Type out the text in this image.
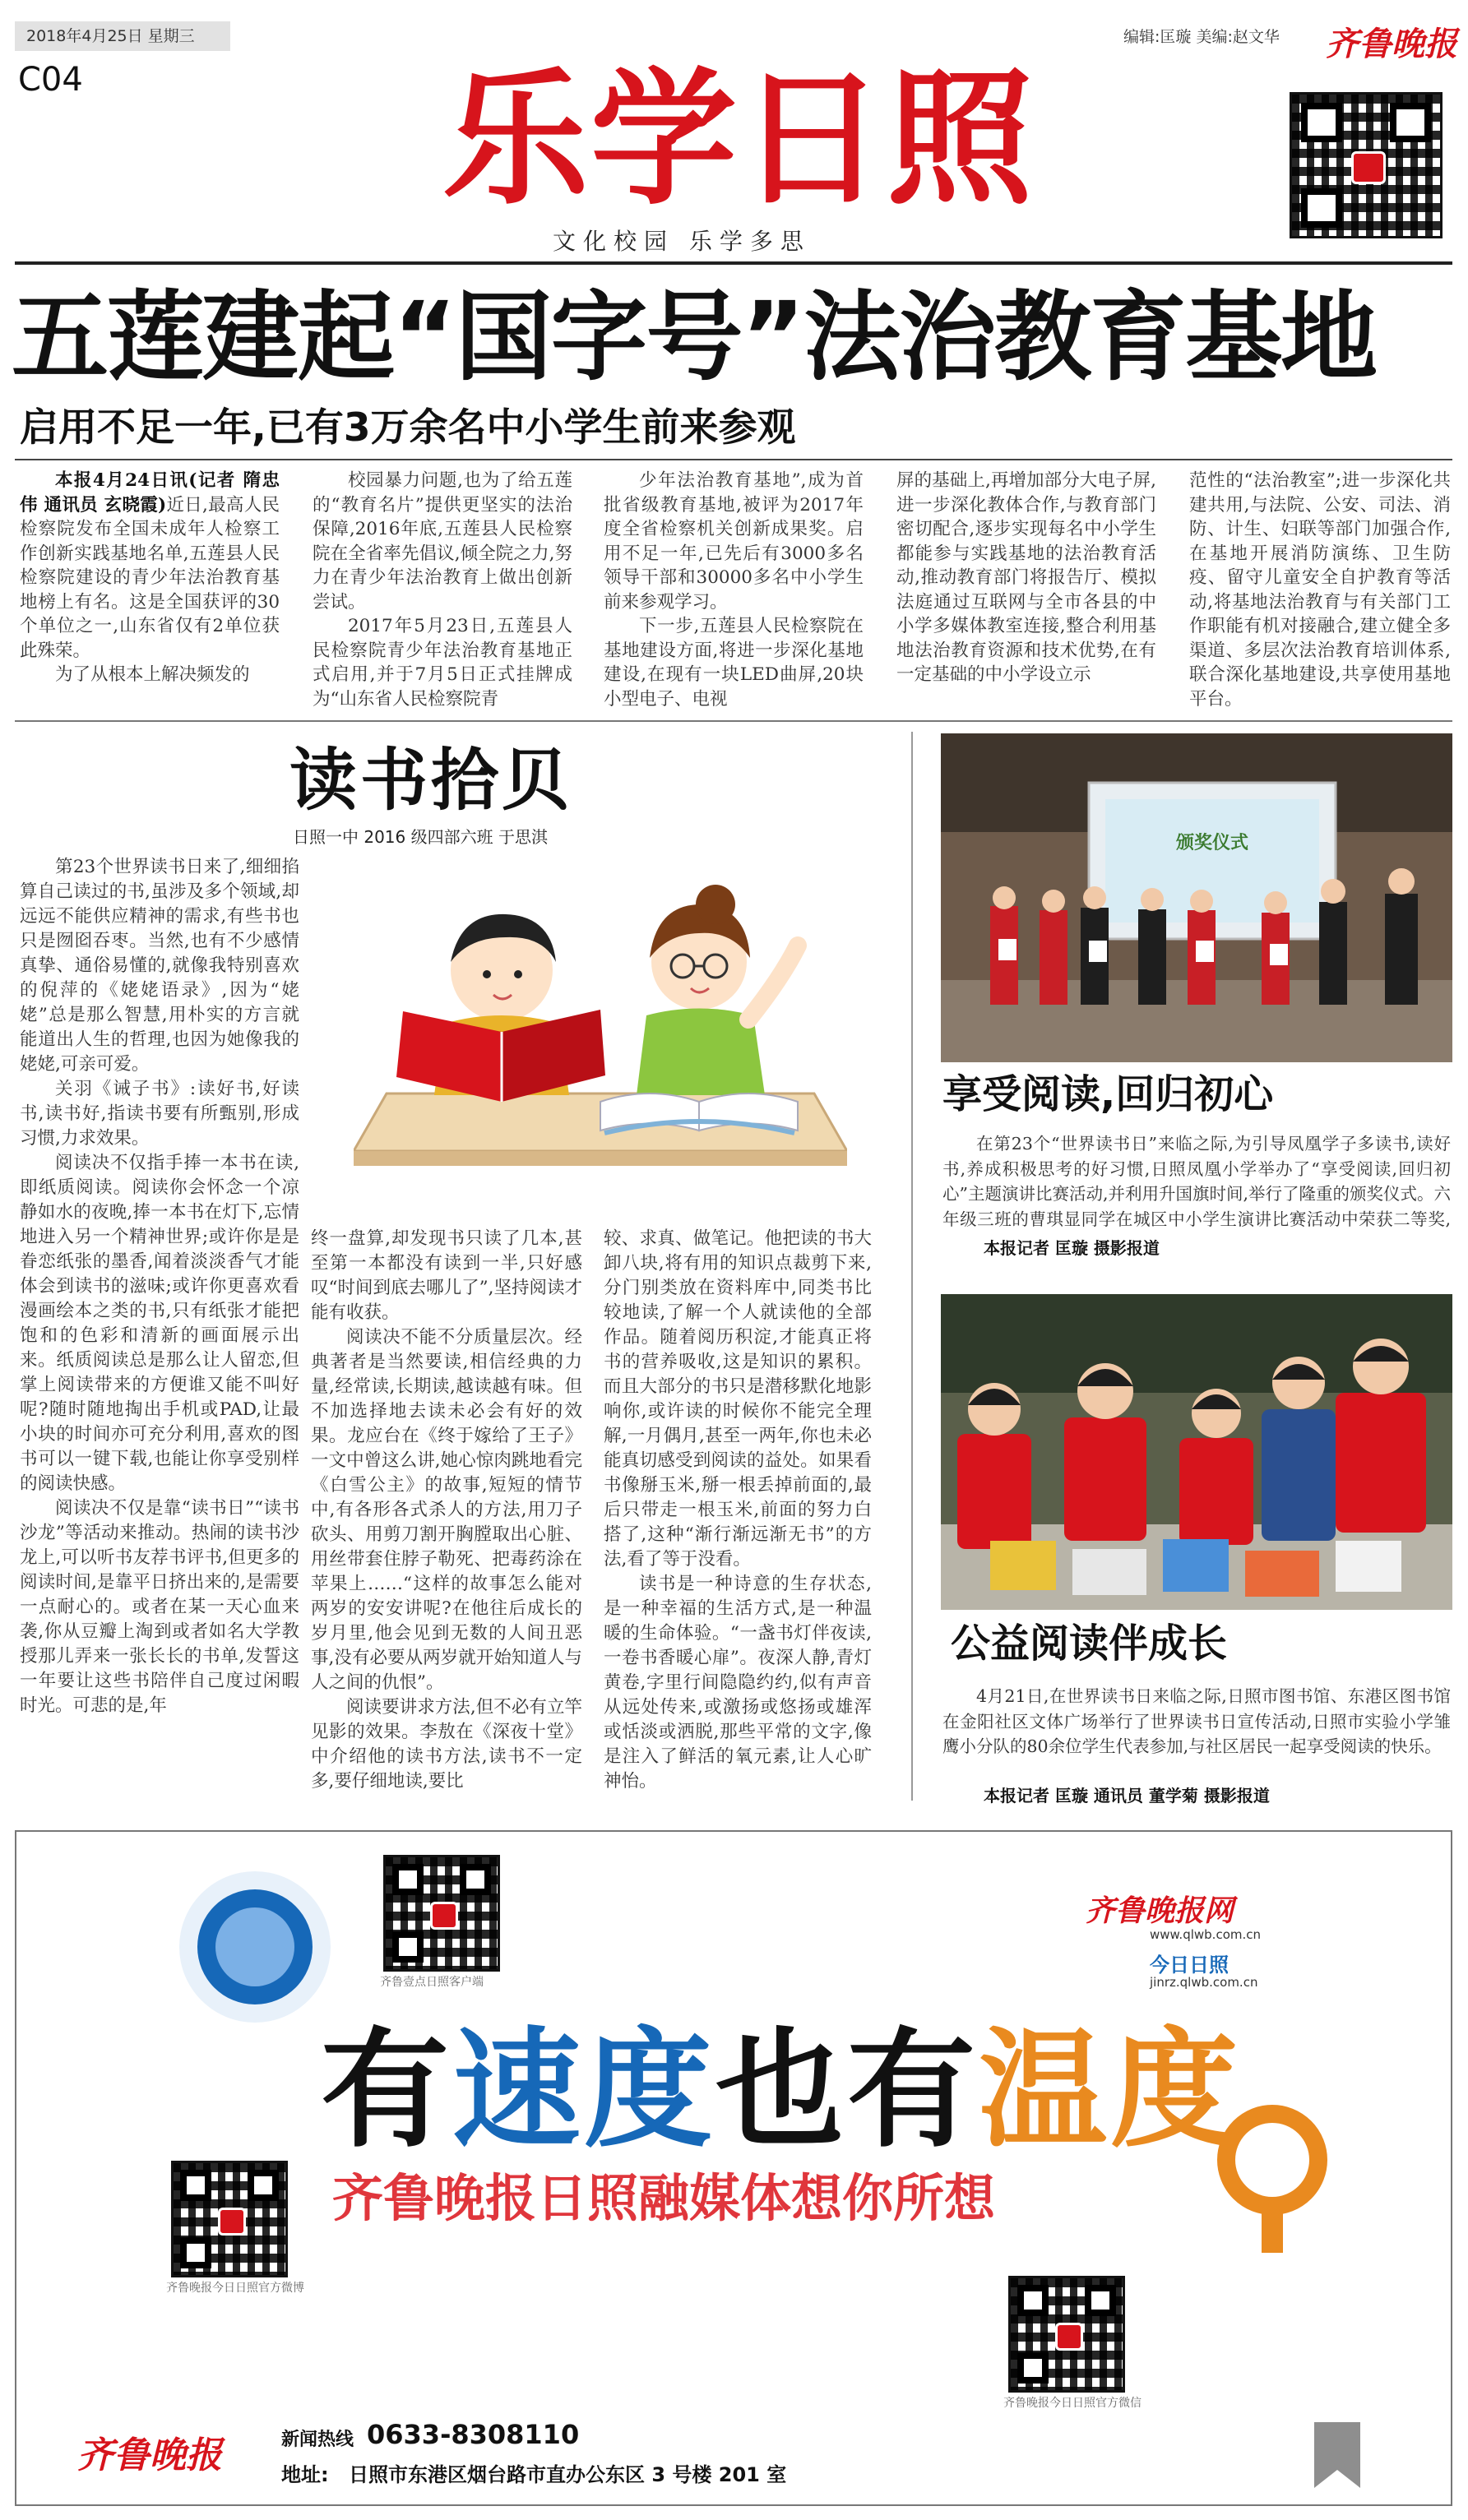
2018年4月25日 星期三
C04 乐学日照
文化校园 乐学多思
编辑:匡璇 美编:赵文华 齐鲁晚报
五莲建起“国字号”法治教育基地
启用不足一年,已有3万余名中小学生前来参观

本报4月24日讯(记者 隋忠伟 通讯员 玄晓霞)近日,最高人民检察院发布全国未成年人检察工作创新实践基地名单,五莲县人民检察院建设的青少年法治教育基地榜上有名。这是全国获评的30个单位之一,山东省仅有2单位获此殊荣。

为了从根本上解决频发的

校园暴力问题,也为了给五莲的“教育名片”提供更坚实的法治保障,2016年底,五莲县人民检察院在全省率先倡议,倾全院之力,努力在青少年法治教育上做出创新尝试。

2017年5月23日,五莲县人民检察院青少年法治教育基地正式启用,并于7月5日正式挂牌成为“山东省人民检察院青

少年法治教育基地”,成为首批省级教育基地,被评为2017年度全省检察机关创新成果奖。启用不足一年,已先后有3000多名领导干部和30000多名中小学生前来参观学习。

下一步,五莲县人民检察院在基地建设方面,将进一步深化基地建设,在现有一块LED曲屏,20块小型电子、电视

屏的基础上,再增加部分大电子屏,进一步深化教体合作,与教育部门密切配合,逐步实现每名中小学生都能参与实践基地的法治教育活动,推动教育部门将报告厅、模拟法庭通过互联网与全市各县的中小学多媒体教室连接,整合利用基地法治教育资源和技术优势,在有一定基础的中小学设立示

范性的“法治教室”;进一步深化共建共用,与法院、公安、司法、消防、计生、妇联等部门加强合作,在基地开展消防演练、卫生防疫、留守儿童安全自护教育等活动,将基地法治教育与有关部门工作职能有机对接融合,建立健全多渠道、多层次法治教育培训体系,联合深化基地建设,共享使用基地平台。

读书拾贝
日照一中 2016 级四部六班 于思淇

第23个世界读书日来了,细细掐算自己读过的书,虽涉及多个领域,却远远不能供应精神的需求,有些书也只是囫囵吞枣。当然,也有不少感情真挚、通俗易懂的,就像我特别喜欢的倪萍的《姥姥语录》,因为“姥姥”总是那么智慧,用朴实的方言就能道出人生的哲理,也因为她像我的姥姥,可亲可爱。

关羽《诫子书》:读好书,好读书,读书好,指读书要有所甄别,形成习惯,力求效果。

阅读决不仅指手捧一本书在读,即纸质阅读。阅读你会怀念一个凉静如水的夜晚,捧一本书在灯下,忘情地进入另一个精神世界;或许你是是眷恋纸张的墨香,闻着淡淡香气才能体会到读书的滋味;或许你更喜欢看漫画绘本之类的书,只有纸张才能把饱和的色彩和清新的画面展示出来。纸质阅读总是那么让人留恋,但掌上阅读带来的方便谁又能不叫好呢?随时随地掏出手机或PAD,让最小块的时间亦可充分利用,喜欢的图书可以一键下载,也能让你享受别样的阅读快感。

阅读决不仅是靠“读书日”“读书沙龙”等活动来推动。热闹的读书沙龙上,可以听书友荐书评书,但更多的阅读时间,是靠平日挤出来的,是需要一点耐心的。或者在某一天心血来袭,你从豆瓣上淘到或者如名大学教授那儿弄来一张长长的书单,发誓这一年要让这些书陪伴自己度过闲暇时光。可悲的是,年

终一盘算,却发现书只读了几本,甚至第一本都没有读到一半,只好感叹“时间到底去哪儿了”,坚持阅读才能有收获。

阅读决不能不分质量层次。经典著者是当然要读,相信经典的力量,经常读,长期读,越读越有味。但不加选择地去读未必会有好的效果。龙应台在《终于嫁给了王子》一文中曾这么讲,她心惊肉跳地看完《白雪公主》的故事,短短的情节中,有各形各式杀人的方法,用刀子砍头、用剪刀割开胸膛取出心脏、用丝带套住脖子勒死、把毒药涂在苹果上……“这样的故事怎么能对两岁的安安讲呢?在他往后成长的岁月里,他会见到无数的人间丑恶事,没有必要从两岁就开始知道人与人之间的仇恨”。

阅读要讲求方法,但不必有立竿见影的效果。李敖在《深夜十堂》中介绍他的读书方法,读书不一定多,要仔细地读,要比

较、求真、做笔记。他把读的书大卸八块,将有用的知识点裁剪下来,分门别类放在资料库中,同类书比较地读,了解一个人就读他的全部作品。随着阅历积淀,才能真正将书的营养吸收,这是知识的累积。而且大部分的书只是潜移默化地影响你,或许读的时候你不能完全理解,一月偶月,甚至一两年,你也未必能真切感受到阅读的益处。如果看书像掰玉米,掰一根丢掉前面的,最后只带走一根玉米,前面的努力白搭了,这种“渐行渐远渐无书”的方法,看了等于没看。

读书是一种诗意的生存状态,是一种幸福的生活方式,是一种温暖的生命体验。“一盏书灯伴夜读,一卷书香暖心扉”。夜深人静,青灯黄卷,字里行间隐隐约约,似有声音从远处传来,或激扬或悠扬或雄浑或恬淡或洒脱,那些平常的文字,像是注入了鲜活的氧元素,让人心旷神怡。

颁奖仪式
享受阅读,回归初心

在第23个“世界读书日”来临之际,为引导凤凰学子多读书,读好书,养成积极思考的好习惯,日照凤凰小学举办了“享受阅读,回归初心”主题演讲比赛活动,并利用升国旗时间,举行了隆重的颁奖仪式。六年级三班的曹琪显同学在城区中小学生演讲比赛活动中荣获二等奖,

本报记者 匡璇 摄影报道
公益阅读伴成长

4月21日,在世界读书日来临之际,日照市图书馆、东港区图书馆在金阳社区文体广场举行了世界读书日宣传活动,日照市实验小学雏鹰小分队的80余位学生代表参加,与社区居民一起享受阅读的快乐。

本报记者 匡璇 通讯员 董学菊 摄影报道
齐鲁壹点日照客户端
齐鲁晚报网
www.qlwb.com.cn
今日日照
jinrz.qlwb.com.cn
有速度也有温度
齐鲁晚报日照融媒体想你所想
齐鲁晚报今日日照官方微博
齐鲁晚报今日日照官方微信
齐鲁晚报	新闻热线 0633-8308110
地址: 日照市东港区烟台路市直办公东区 3 号楼 201 室
